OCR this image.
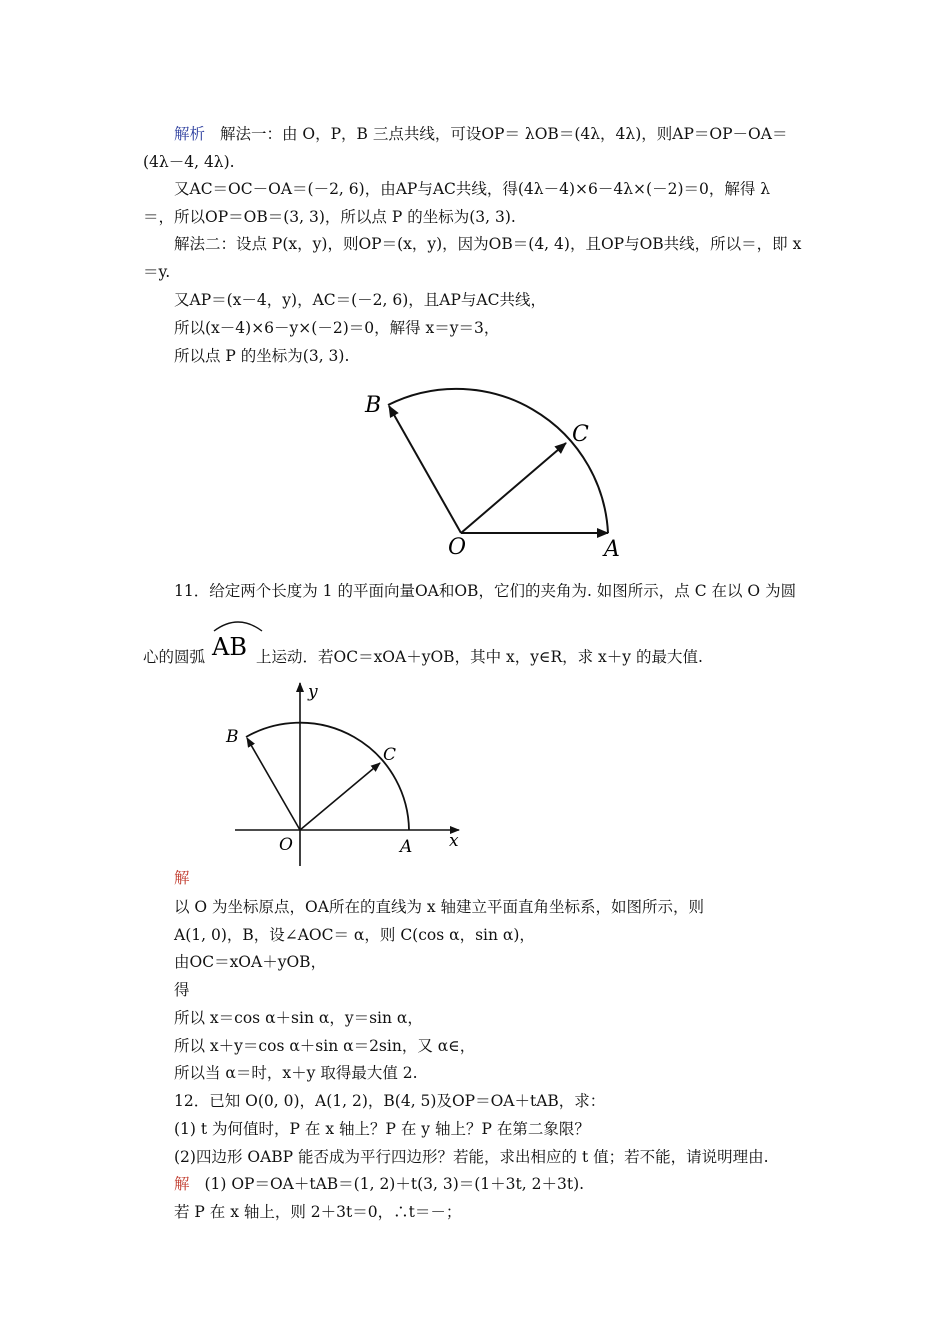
解析 解法一：由 O，P，B 三点共线，可设OP＝ λOB＝(4λ，4λ)，则AP＝OP－OA＝
(4λ－4, 4λ).
又AC＝OC－OA＝(－2, 6)，由AP与AC共线，得(4λ－4)×6－4λ×(－2)＝0，解得 λ
＝，所以OP＝OB＝(3, 3)，所以点 P 的坐标为(3, 3).
解法二：设点 P(x，y)，则OP＝(x，y)，因为OB＝(4, 4)，且OP与OB共线，所以＝，即 x
＝y.
又AP＝(x－4，y)，AC＝(－2, 6)，且AP与AC共线，
所以(x－4)×6－y×(－2)＝0，解得 x＝y＝3，
所以点 P 的坐标为(3, 3).
B
C
O	A
B
C
O	A x
y
11．给定两个长度为 1 的平面向量OA和OB，它们的夹角为. 如图所示，点 C 在以 O 为圆
心的圆弧 AB 上运动．若OC＝xOA＋yOB，其中 x，y∈R，求 x＋y 的最大值.
解
以 O 为坐标原点，OA所在的直线为 x 轴建立平面直角坐标系，如图所示，则
A(1, 0)，B，设∠AOC＝ α，则 C(cos α，sin α)，
由OC＝xOA＋yOB，
得
所以 x＝cos α＋sin α，y＝sin α，
所以 x＋y＝cos α＋sin α＝2sin，又 α∈，
所以当 α＝时，x＋y 取得最大值 2.
12．已知 O(0, 0)，A(1, 2)，B(4, 5)及OP＝OA＋tAB，求：
(1) t 为何值时，P 在 x 轴上？P 在 y 轴上？P 在第二象限？
(2)四边形 OABP 能否成为平行四边形？若能，求出相应的 t 值；若不能，请说明理由.
解 (1) OP＝OA＋tAB＝(1, 2)＋t(3, 3)＝(1＋3t, 2＋3t).
若 P 在 x 轴上，则 2＋3t＝0，∴t＝－；
